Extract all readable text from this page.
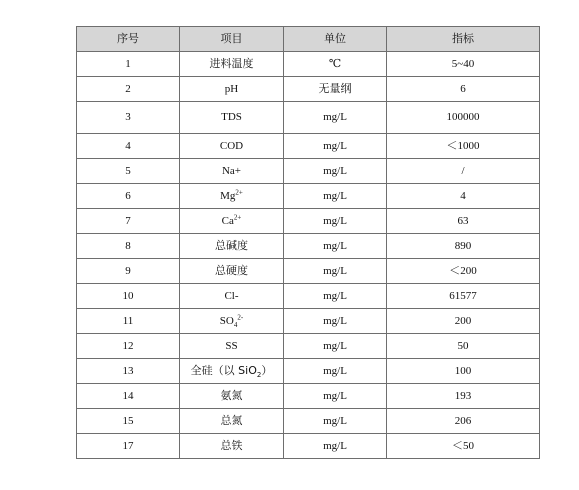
序号	项目	单位	指标
1	进料温度	℃	5~40
2	pH	无量纲	6
3	TDS	mg/L	100000
4	COD	mg/L	＜1000
5	Na+	mg/L	/
6	$Mg^{2+}$	mg/L	4
7	$Ca^{2+}$	mg/L	63
8	总碱度	mg/L	890
9	总硬度	mg/L	＜200
10	Cl-	mg/L	61577
11	$SO_4^{2-}$	mg/L	200
12	SS	mg/L	50
13	全硅（以 SiO$_2$）	mg/L	100
14	氨氮	mg/L	193
15	总氮	mg/L	206
17	总铁	mg/L	＜50
